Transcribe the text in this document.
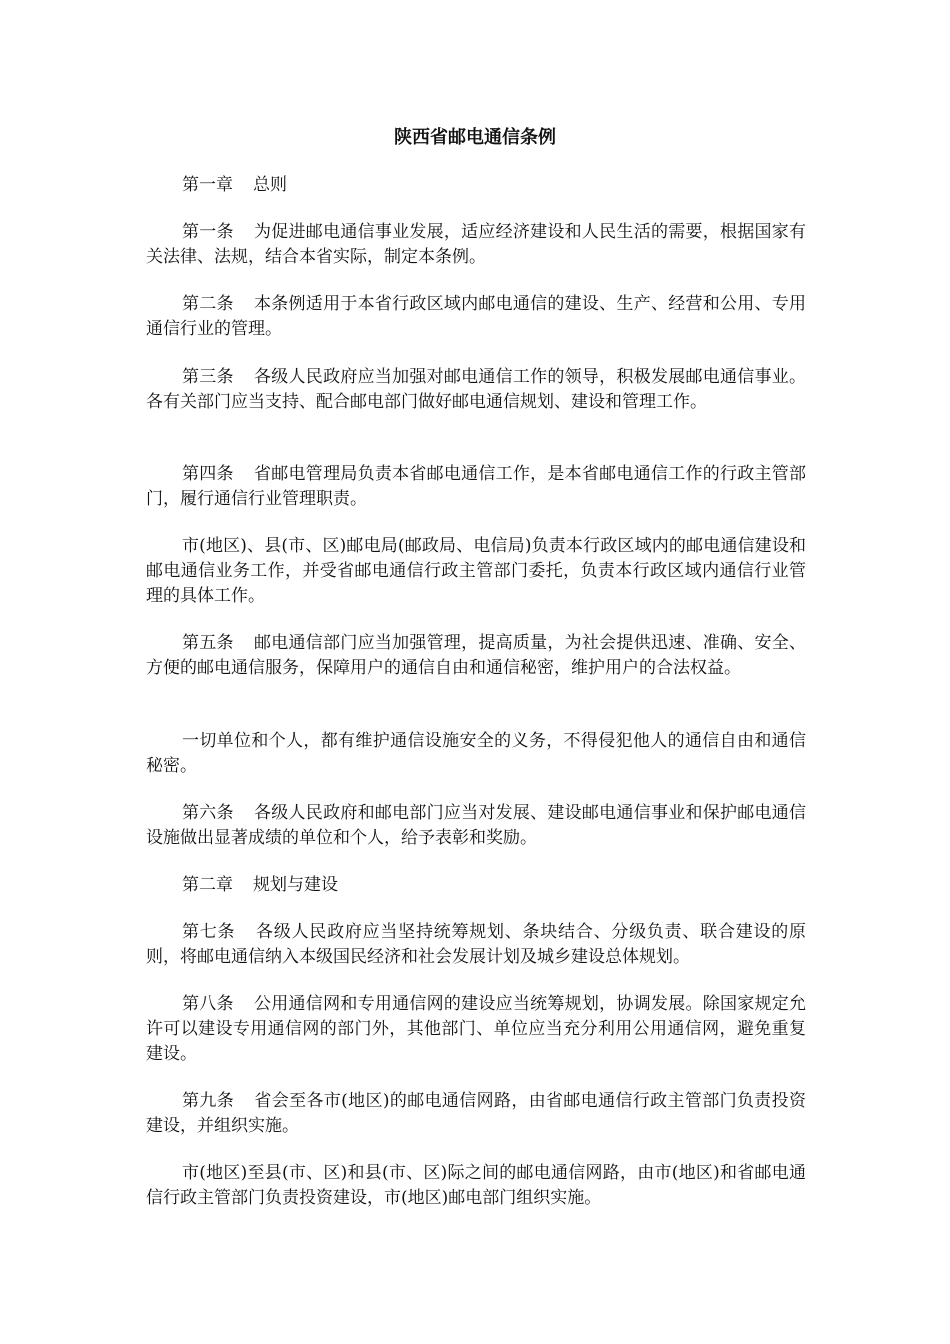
陕西省邮电通信条例

第一章 总则

第一条 为促进邮电通信事业发展，适应经济建设和人民生活的需要，根据国家有关法律、法规，结合本省实际，制定本条例。

第二条 本条例适用于本省行政区域内邮电通信的建设、生产、经营和公用、专用通信行业的管理。

第三条 各级人民政府应当加强对邮电通信工作的领导，积极发展邮电通信事业。各有关部门应当支持、配合邮电部门做好邮电通信规划、建设和管理工作。

第四条 省邮电管理局负责本省邮电通信工作，是本省邮电通信工作的行政主管部门，履行通信行业管理职责。

市(地区)、县(市、区)邮电局(邮政局、电信局)负责本行政区域内的邮电通信建设和邮电通信业务工作，并受省邮电通信行政主管部门委托，负责本行政区域内通信行业管理的具体工作。

第五条 邮电通信部门应当加强管理，提高质量，为社会提供迅速、准确、安全、方便的邮电通信服务，保障用户的通信自由和通信秘密，维护用户的合法权益。

一切单位和个人，都有维护通信设施安全的义务，不得侵犯他人的通信自由和通信秘密。

第六条 各级人民政府和邮电部门应当对发展、建设邮电通信事业和保护邮电通信设施做出显著成绩的单位和个人，给予表彰和奖励。

第二章 规划与建设

第七条 各级人民政府应当坚持统筹规划、条块结合、分级负责、联合建设的原则，将邮电通信纳入本级国民经济和社会发展计划及城乡建设总体规划。

第八条 公用通信网和专用通信网的建设应当统筹规划，协调发展。除国家规定允许可以建设专用通信网的部门外，其他部门、单位应当充分利用公用通信网，避免重复建设。

第九条 省会至各市(地区)的邮电通信网路，由省邮电通信行政主管部门负责投资建设，并组织实施。

市(地区)至县(市、区)和县(市、区)际之间的邮电通信网路，由市(地区)和省邮电通信行政主管部门负责投资建设，市(地区)邮电部门组织实施。
